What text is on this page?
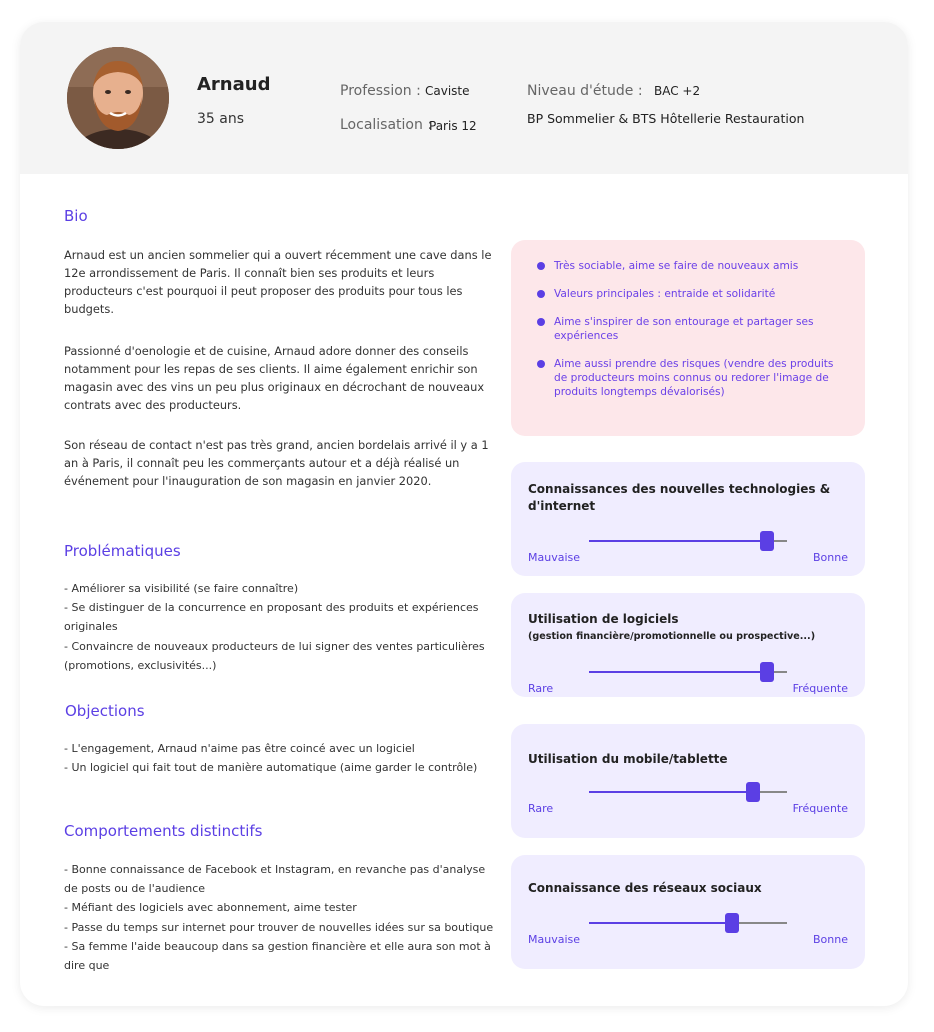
Arnaud
35 ans
Profession : Caviste
Localisation :
Paris 12
Niveau d'étude : BAC +2
BP Sommelier & BTS Hôtellerie Restauration
Bio
Arnaud est un ancien sommelier qui a ouvert récemment une cave dans le 12e arrondissement de Paris. Il connaît bien ses produits et leurs producteurs c'est pourquoi il peut proposer des produits pour tous les budgets.
Passionné d'oenologie et de cuisine, Arnaud adore donner des conseils notamment pour les repas de ses clients. Il aime également enrichir son magasin avec des vins un peu plus originaux en décrochant de nouveaux contrats avec des producteurs.
Son réseau de contact n'est pas très grand, ancien bordelais arrivé il y a 1 an à Paris, il connaît peu les commerçants autour et a déjà réalisé un événement pour l'inauguration de son magasin en janvier 2020.
Problématiques
- Améliorer sa visibilité (se faire connaître)
- Se distinguer de la concurrence en proposant des produits et expériences originales
- Convaincre de nouveaux producteurs de lui signer des ventes particulières (promotions, exclusivités...)
Objections
- L'engagement, Arnaud n'aime pas être coincé avec un logiciel
- Un logiciel qui fait tout de manière automatique (aime garder le contrôle)
Comportements distinctifs
- Bonne connaissance de Facebook et Instagram, en revanche pas d'analyse de posts ou de l'audience
- Méfiant des logiciels avec abonnement, aime tester
- Passe du temps sur internet pour trouver de nouvelles idées sur sa boutique
- Sa femme l'aide beaucoup dans sa gestion financière et elle aura son mot à dire que
Très sociable, aime se faire de nouveaux amis
Valeurs principales : entraide et solidarité
Aime s'inspirer de son entourage et partager ses expériences
Aime aussi prendre des risques (vendre des produits de producteurs moins connus ou redorer l'image de produits longtemps dévalorisés)
Connaissances des nouvelles technologies & d'internet
Mauvaise	Bonne
Utilisation de logiciels
(gestion financière/promotionnelle ou prospective...)
Rare	Fréquente
Utilisation du mobile/tablette
Rare	Fréquente
Connaissance des réseaux sociaux
Mauvaise	Bonne
